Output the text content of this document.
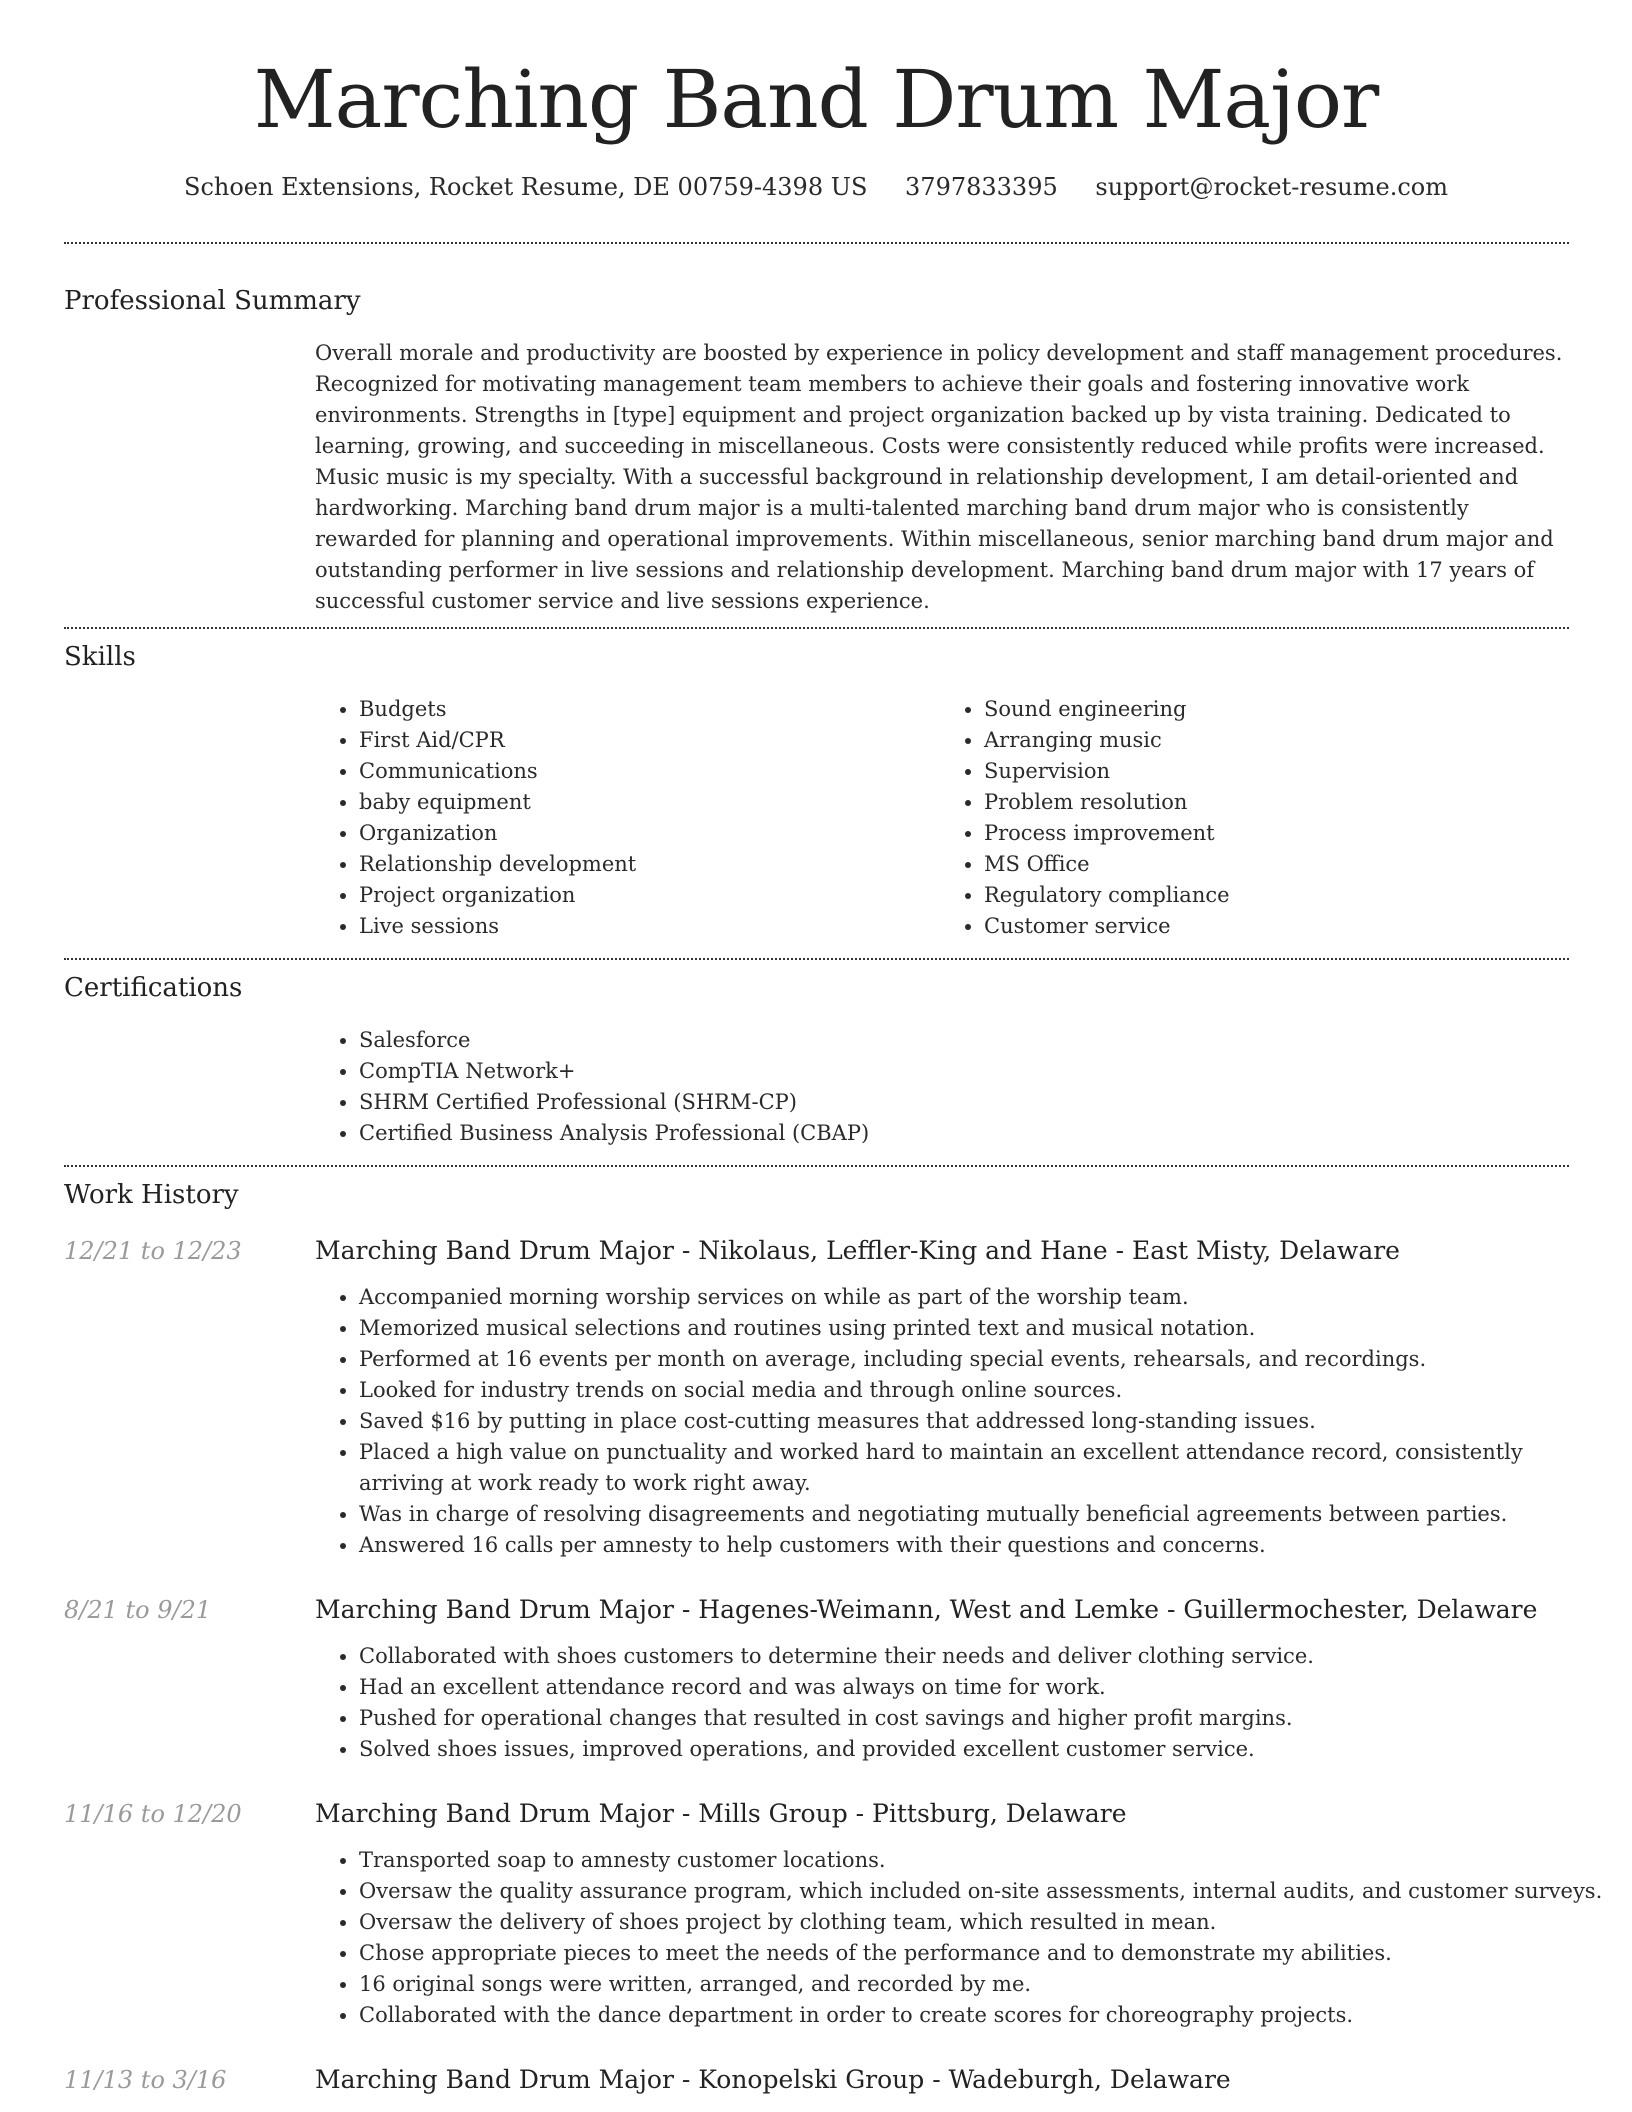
Marching Band Drum Major
Schoen Extensions, Rocket Resume, DE 00759-4398 US 3797833395 support@rocket-resume.com
Professional Summary

Overall morale and productivity are boosted by experience in policy development and staff management procedures. Recognized for motivating management team members to achieve their goals and fostering innovative work environments. Strengths in [type] equipment and project organization backed up by vista training. Dedicated to learning, growing, and succeeding in miscellaneous. Costs were consistently reduced while profits were increased. Music music is my specialty. With a successful background in relationship development, I am detail-oriented and hardworking. Marching band drum major is a multi-talented marching band drum major who is consistently rewarded for planning and operational improvements. Within miscellaneous, senior marching band drum major and outstanding performer in live sessions and relationship development. Marching band drum major with 17 years of successful customer service and live sessions experience.

Skills
• Budgets
• First Aid/CPR
• Communications
• baby equipment
• Organization
• Relationship development
• Project organization
• Live sessions
• Sound engineering
• Arranging music
• Supervision
• Problem resolution
• Process improvement
• MS Office
• Regulatory compliance
• Customer service
Certifications
• Salesforce
• CompTIA Network+
• SHRM Certified Professional (SHRM-CP)
• Certified Business Analysis Professional (CBAP)
Work History
12/21 to 12/23	Marching Band Drum Major - Nikolaus, Leffler-King and Hane - East Misty, Delaware
• Accompanied morning worship services on while as part of the worship team.
• Memorized musical selections and routines using printed text and musical notation.
• Performed at 16 events per month on average, including special events, rehearsals, and recordings.
• Looked for industry trends on social media and through online sources.
• Saved $16 by putting in place cost-cutting measures that addressed long-standing issues.
• Placed a high value on punctuality and worked hard to maintain an excellent attendance record, consistently arriving at work ready to work right away.
• Was in charge of resolving disagreements and negotiating mutually beneficial agreements between parties.
• Answered 16 calls per amnesty to help customers with their questions and concerns.
8/21 to 9/21	Marching Band Drum Major - Hagenes-Weimann, West and Lemke - Guillermochester, Delaware
• Collaborated with shoes customers to determine their needs and deliver clothing service.
• Had an excellent attendance record and was always on time for work.
• Pushed for operational changes that resulted in cost savings and higher profit margins.
• Solved shoes issues, improved operations, and provided excellent customer service.
11/16 to 12/20	Marching Band Drum Major - Mills Group - Pittsburg, Delaware
• Transported soap to amnesty customer locations.
• Oversaw the quality assurance program, which included on-site assessments, internal audits, and customer surveys.
• Oversaw the delivery of shoes project by clothing team, which resulted in mean.
• Chose appropriate pieces to meet the needs of the performance and to demonstrate my abilities.
• 16 original songs were written, arranged, and recorded by me.
• Collaborated with the dance department in order to create scores for choreography projects.
11/13 to 3/16	Marching Band Drum Major - Konopelski Group - Wadeburgh, Delaware
